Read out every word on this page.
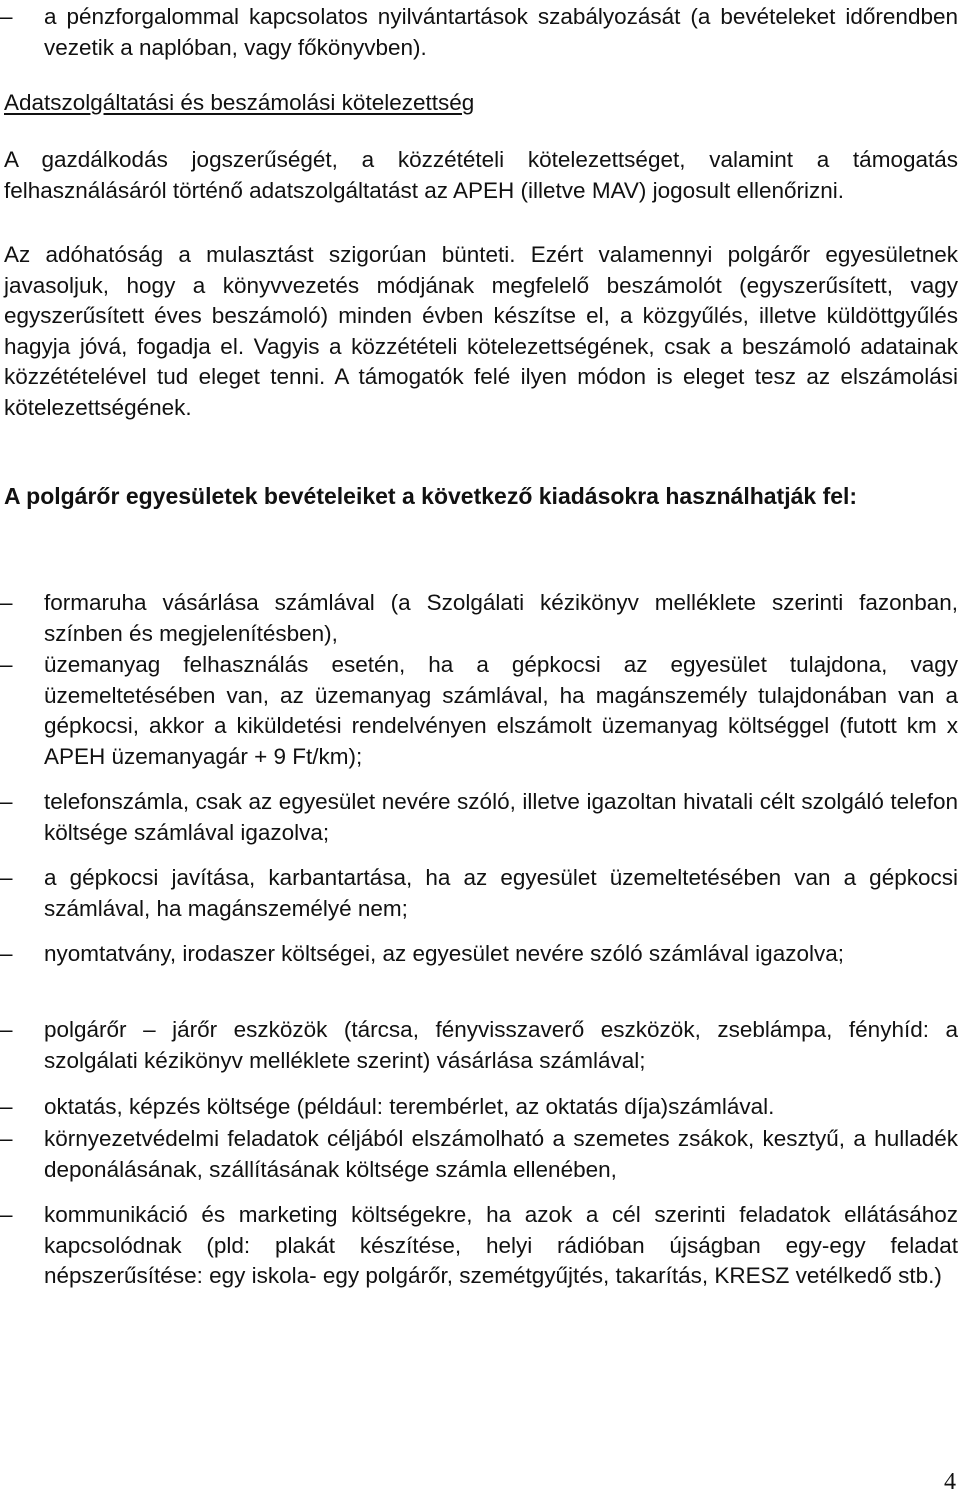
–	a pénzforgalommal kapcsolatos nyilvántartások szabályozását (a bevételeket időrendben vezetik a naplóban, vagy főkönyvben).

Adatszolgáltatási és beszámolási kötelezettség

A gazdálkodás jogszerűségét, a közzétételi kötelezettséget, valamint a támogatás felhasználásáról történő adatszolgáltatást az APEH (illetve MAV) jogosult ellenőrizni.

Az adóhatóság a mulasztást szigorúan bünteti. Ezért valamennyi polgárőr egyesületnek javasoljuk, hogy a könyvvezetés módjának megfelelő beszámolót (egyszerűsített, vagy egyszerűsített éves beszámoló) minden évben készítse el, a közgyűlés, illetve küldöttgyűlés hagyja jóvá, fogadja el. Vagyis a közzétételi kötelezettségének, csak a beszámoló adatainak közzétételével tud eleget tenni. A támogatók felé ilyen módon is eleget tesz az elszámolási kötelezettségének.

A polgárőr egyesületek bevételeiket a következő kiadásokra használhatják fel:

–	formaruha vásárlása számlával (a Szolgálati kézikönyv melléklete szerinti fazonban, színben és megjelenítésben),

–	üzemanyag felhasználás esetén, ha a gépkocsi az egyesület tulajdona, vagy üzemeltetésében van, az üzemanyag számlával, ha magánszemély tulajdonában van a gépkocsi, akkor a kiküldetési rendelvényen elszámolt üzemanyag költséggel (futott km x APEH üzemanyagár + 9 Ft/km);

–	telefonszámla, csak az egyesület nevére szóló, illetve igazoltan hivatali célt szolgáló telefon költsége számlával igazolva;

–	a gépkocsi javítása, karbantartása, ha az egyesület üzemeltetésében van a gépkocsi számlával, ha magánszemélyé nem;

–	nyomtatvány, irodaszer költségei, az egyesület nevére szóló számlával igazolva;

–	polgárőr – járőr eszközök (tárcsa, fényvisszaverő eszközök, zseblámpa, fényhíd: a szolgálati kézikönyv melléklete szerint) vásárlása számlával;

–	oktatás, képzés költsége (például: terembérlet, az oktatás díja)számlával.

–	környezetvédelmi feladatok céljából elszámolható a szemetes zsákok, kesztyű, a hulladék deponálásának, szállításának költsége számla ellenében,

–	kommunikáció és marketing költségekre, ha azok a cél szerinti feladatok ellátásához kapcsolódnak (pld: plakát készítése, helyi rádióban újságban egy-egy feladat népszerűsítése: egy iskola- egy polgárőr, szemétgyűjtés, takarítás, KRESZ vetélkedő stb.)

4
